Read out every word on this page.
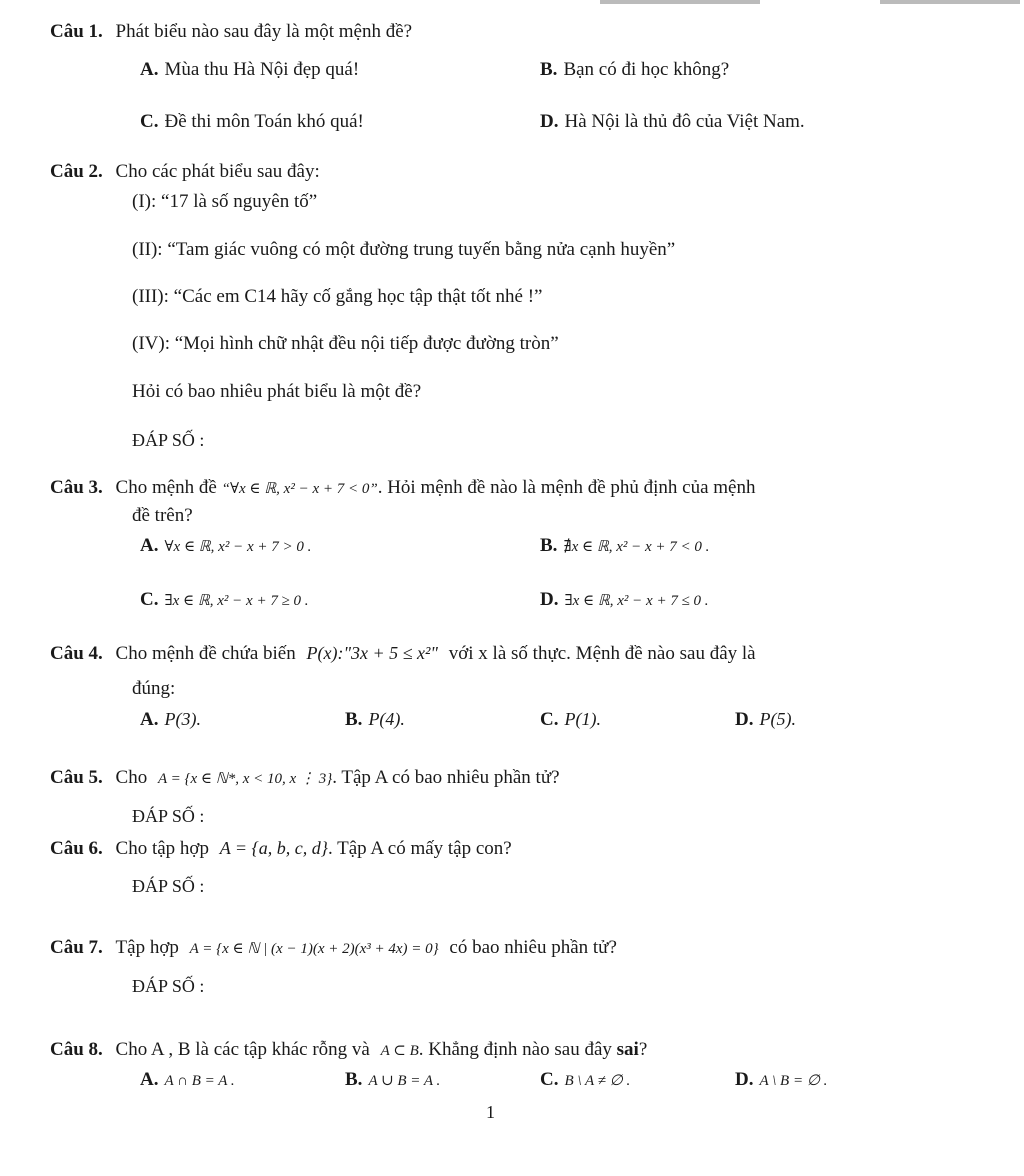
Câu 1. Phát biểu nào sau đây là một mệnh đề?
A. Mùa thu Hà Nội đẹp quá!	B. Bạn có đi học không?
C. Đề thi môn Toán khó quá!	D. Hà Nội là thủ đô của Việt Nam.
Câu 2. Cho các phát biểu sau đây:
(I): “17 là số nguyên tố”
(II): “Tam giác vuông có một đường trung tuyến bằng nửa cạnh huyền”
(III): “Các em C14 hãy cố gắng học tập thật tốt nhé !”
(IV): “Mọi hình chữ nhật đều nội tiếp được đường tròn”
Hỏi có bao nhiêu phát biểu là một đề?
ĐÁP SỐ :
Câu 3. Cho mệnh đề “∀x ∈ ℝ, x² − x + 7 < 0”. Hỏi mệnh đề nào là mệnh đề phủ định của mệnh
đề trên?
A. ∀x ∈ ℝ, x² − x + 7 > 0 .	B. ∄x ∈ ℝ, x² − x + 7 < 0 .
C. ∃x ∈ ℝ, x² − x + 7 ≥ 0 .	D. ∃x ∈ ℝ, x² − x + 7 ≤ 0 .
Câu 4. Cho mệnh đề chứa biến P(x):"3x + 5 ≤ x²" với x là số thực. Mệnh đề nào sau đây là
đúng:
A. P(3).	B. P(4).	C. P(1).	D. P(5).
Câu 5. Cho A = {x ∈ ℕ*, x < 10, x ⋮ 3}. Tập A có bao nhiêu phần tử?
ĐÁP SỐ :
Câu 6. Cho tập hợp A = {a, b, c, d}. Tập A có mấy tập con?
ĐÁP SỐ :
Câu 7. Tập hợp A = {x ∈ ℕ | (x − 1)(x + 2)(x³ + 4x) = 0} có bao nhiêu phần tử?
ĐÁP SỐ :
Câu 8. Cho A , B là các tập khác rỗng và A ⊂ B. Khẳng định nào sau đây sai?
A. A ∩ B = A .	B. A ∪ B = A .	C. B \ A ≠ ∅ .	D. A \ B = ∅ .
1
